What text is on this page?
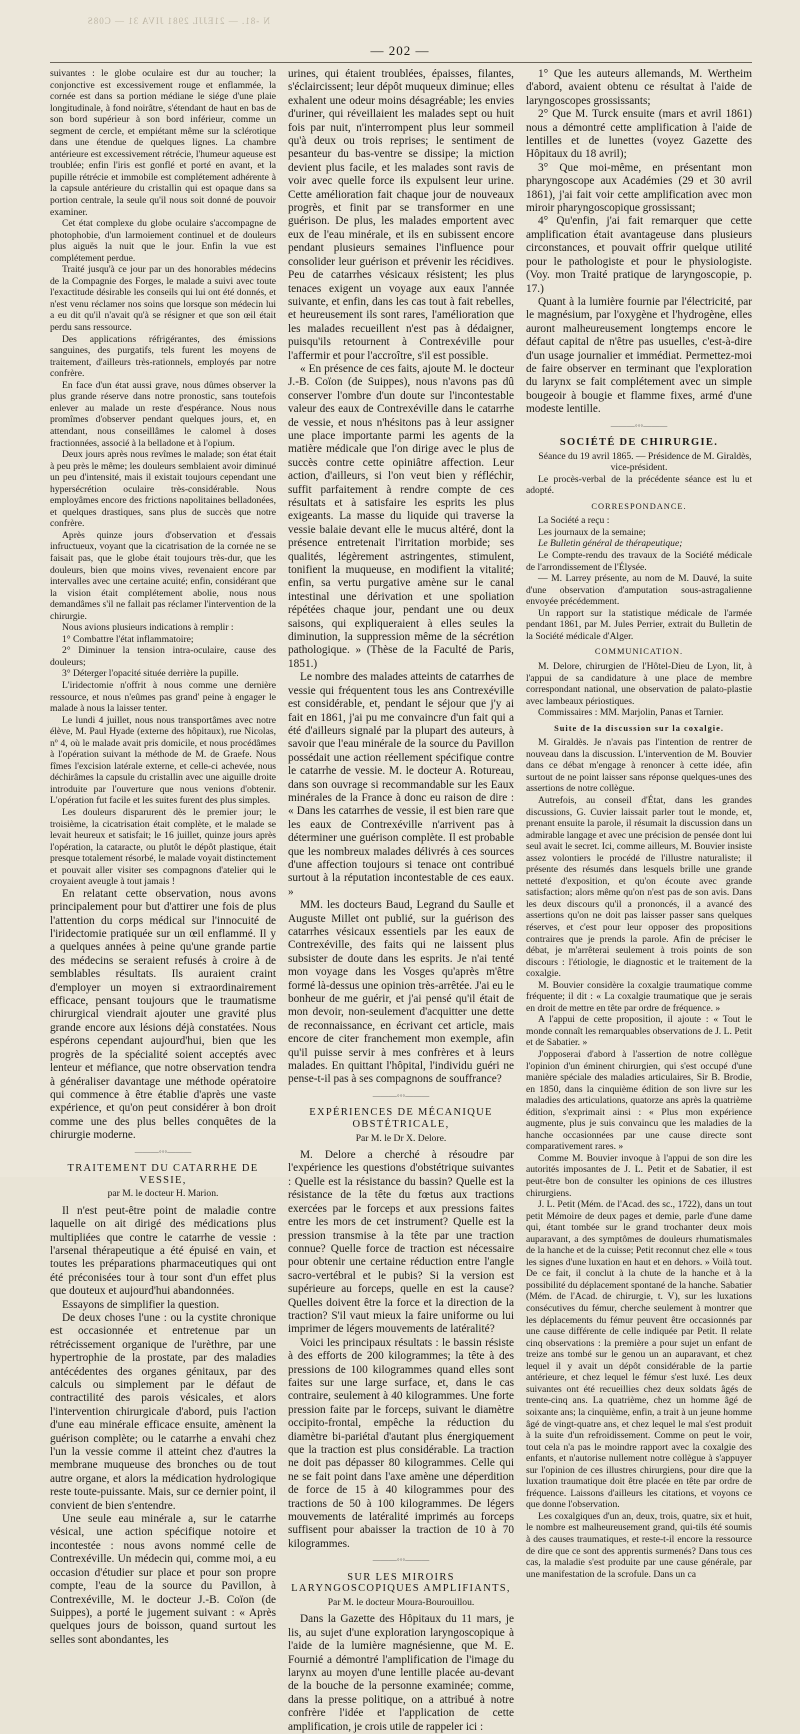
N -81. — 21EJJL 2981 JIVA 31 — C08S
— 202 —

suivantes : le globe oculaire est dur au toucher; la conjonctive est excessivement rouge et enflammée, la cornée est dans sa portion médiane le siége d'une plaie longitudinale, à fond noirâtre, s'étendant de haut en bas de son bord supérieur à son bord inférieur, comme un segment de cercle, et empiétant même sur la sclérotique dans une étendue de quelques lignes. La chambre antérieure est excessivement rétrécie, l'humeur aqueuse est troublée; enfin l'iris est gonflé et porté en avant, et la pupille rétrécie et immobile est complétement adhérente à la capsule antérieure du cristallin qui est opaque dans sa portion centrale, la seule qu'il nous soit donné de pouvoir examiner.

Cet état complexe du globe oculaire s'accompagne de photophobie, d'un larmoiement continuel et de douleurs plus aiguës la nuit que le jour. Enfin la vue est complétement perdue.

Traité jusqu'à ce jour par un des honorables médecins de la Compagnie des Forges, le malade a suivi avec toute l'exactitude désirable les conseils qui lui ont été donnés, et n'est venu réclamer nos soins que lorsque son médecin lui a eu dit qu'il n'avait qu'à se résigner et que son œil était perdu sans ressource.

Des applications réfrigérantes, des émissions sanguines, des purgatifs, tels furent les moyens de traitement, d'ailleurs très-rationnels, employés par notre confrère.

En face d'un état aussi grave, nous dûmes observer la plus grande réserve dans notre pronostic, sans toutefois enlever au malade un reste d'espérance. Nous nous promîmes d'observer pendant quelques jours, et, en attendant, nous conseillâmes le calomel à doses fractionnées, associé à la belladone et à l'opium.

Deux jours après nous revîmes le malade; son état était à peu près le même; les douleurs semblaient avoir diminué un peu d'intensité, mais il existait toujours cependant une hypersécrétion oculaire très-considérable. Nous employâmes encore des frictions napolitaines belladonées, et quelques drastiques, sans plus de succès que notre confrère.

Après quinze jours d'observation et d'essais infructueux, voyant que la cicatrisation de la cornée ne se faisait pas, que le globe était toujours très-dur, que les douleurs, bien que moins vives, revenaient encore par intervalles avec une certaine acuité; enfin, considérant que la vision était complétement abolie, nous nous demandâmes s'il ne fallait pas réclamer l'intervention de la chirurgie.

Nous avions plusieurs indications à remplir :

1° Combattre l'état inflammatoire;

2° Diminuer la tension intra-oculaire, cause des douleurs;

3° Déterger l'opacité située derrière la pupille.

L'iridectomie n'offrit à nous comme une dernière ressource, et nous n'eûmes pas grand' peine à engager le malade à nous la laisser tenter.

Le lundi 4 juillet, nous nous transportâmes avec notre élève, M. Paul Hyade (externe des hôpitaux), rue Nicolas, nº 4, où le malade avait pris domicile, et nous procédâmes à l'opération suivant la méthode de M. de Graefe. Nous fîmes l'excision latérale externe, et celle-ci achevée, nous déchirâmes la capsule du cristallin avec une aiguille droite introduite par l'ouverture que nous venions d'obtenir. L'opération fut facile et les suites furent des plus simples.

Les douleurs disparurent dès le premier jour; le troisième, la cicatrisation était complète, et le malade se levait heureux et satisfait; le 16 juillet, quinze jours après l'opération, la cataracte, ou plutôt le dépôt plastique, était presque totalement résorbé, le malade voyait distinctement et pouvait aller visiter ses compagnons d'atelier qui le croyaient aveugle à tout jamais !

En relatant cette observation, nous avons principalement pour but d'attirer une fois de plus l'attention du corps médical sur l'innocuité de l'iridectomie pratiquée sur un œil enflammé. Il y a quelques années à peine qu'une grande partie des médecins se seraient refusés à croire à de semblables résultats. Ils auraient craint d'employer un moyen si extraordinairement efficace, pensant toujours que le traumatisme chirurgical viendrait ajouter une gravité plus grande encore aux lésions déjà constatées. Nous espérons cependant aujourd'hui, bien que les progrès de la spécialité soient acceptés avec lenteur et méfiance, que notre observation tendra à généraliser davantage une méthode opératoire qui commence à être établie d'après une vaste expérience, et qu'on peut considérer à bon droit comme une des plus belles conquêtes de la chirurgie moderne.

———◦◦◦———
TRAITEMENT DU CATARRHE DE VESSIE,
par M. le docteur H. Marion.

Il n'est peut-être point de maladie contre laquelle on ait dirigé des médications plus multipliées que contre le catarrhe de vessie : l'arsenal thérapeutique a été épuisé en vain, et toutes les préparations pharmaceutiques qui ont été préconisées tour à tour sont d'un effet plus que douteux et aujourd'hui abandonnées.

Essayons de simplifier la question.

De deux choses l'une : ou la cystite chronique est occasionnée et entretenue par un rétrécissement organique de l'urèthre, par une hypertrophie de la prostate, par des maladies antécédentes des organes génitaux, par des calculs ou simplement par le défaut de contractilité des parois vésicales, et alors l'intervention chirurgicale d'abord, puis l'action d'une eau minérale efficace ensuite, amènent la guérison complète; ou le catarrhe a envahi chez l'un la vessie comme il atteint chez d'autres la membrane muqueuse des bronches ou de tout autre organe, et alors la médication hydrologique reste toute-puissante. Mais, sur ce dernier point, il convient de bien s'entendre.

Une seule eau minérale a, sur le catarrhe vésical, une action spécifique notoire et incontestée : nous avons nommé celle de Contrexéville. Un médecin qui, comme moi, a eu occasion d'étudier sur place et pour son propre compte, l'eau de la source du Pavillon, à Contrexéville, M. le docteur J.-B. Coïon (de Suippes), a porté le jugement suivant : « Après quelques jours de boisson, quand surtout les selles sont abondantes, les

urines, qui étaient troublées, épaisses, filantes, s'éclaircissent; leur dépôt muqueux diminue; elles exhalent une odeur moins désagréable; les envies d'uriner, qui réveillaient les malades sept ou huit fois par nuit, n'interrompent plus leur sommeil qu'à deux ou trois reprises; le sentiment de pesanteur du bas-ventre se dissipe; la miction devient plus facile, et les malades sont ravis de voir avec quelle force ils expulsent leur urine. Cette amélioration fait chaque jour de nouveaux progrès, et finit par se transformer en une guérison. De plus, les malades emportent avec eux de l'eau minérale, et ils en subissent encore pendant plusieurs semaines l'influence pour consolider leur guérison et prévenir les récidives. Peu de catarrhes vésicaux résistent; les plus tenaces exigent un voyage aux eaux l'année suivante, et enfin, dans les cas tout à fait rebelles, et heureusement ils sont rares, l'amélioration que les malades recueillent n'est pas à dédaigner, puisqu'ils retournent à Contrexéville pour l'affermir et pour l'accroître, s'il est possible.

« En présence de ces faits, ajoute M. le docteur J.-B. Coïon (de Suippes), nous n'avons pas dû conserver l'ombre d'un doute sur l'incontestable valeur des eaux de Contrexéville dans le catarrhe de vessie, et nous n'hésitons pas à leur assigner une place importante parmi les agents de la matière médicale que l'on dirige avec le plus de succès contre cette opiniâtre affection. Leur action, d'ailleurs, si l'on veut bien y réfléchir, suffit parfaitement à rendre compte de ces résultats et à satisfaire les esprits les plus exigeants. La masse du liquide qui traverse la vessie balaie devant elle le mucus altéré, dont la présence entretenait l'irritation morbide; ses qualités, légèrement astringentes, stimulent, tonifient la muqueuse, en modifient la vitalité; enfin, sa vertu purgative amène sur le canal intestinal une dérivation et une spoliation répétées chaque jour, pendant une ou deux saisons, qui expliqueraient à elles seules la diminution, la suppression même de la sécrétion pathologique. » (Thèse de la Faculté de Paris, 1851.)

Le nombre des malades atteints de catarrhes de vessie qui fréquentent tous les ans Contrexéville est considérable, et, pendant le séjour que j'y ai fait en 1861, j'ai pu me convaincre d'un fait qui a été d'ailleurs signalé par la plupart des auteurs, à savoir que l'eau minérale de la source du Pavillon possédait une action réellement spécifique contre le catarrhe de vessie. M. le docteur A. Rotureau, dans son ouvrage si recommandable sur les Eaux minérales de la France à donc eu raison de dire : « Dans les catarrhes de vessie, il est bien rare que les eaux de Contrexéville n'arrivent pas à déterminer une guérison complète. Il est probable que les nombreux malades délivrés à ces sources d'une affection toujours si tenace ont contribué surtout à la réputation incontestable de ces eaux. »

MM. les docteurs Baud, Legrand du Saulle et Auguste Millet ont publié, sur la guérison des catarrhes vésicaux essentiels par les eaux de Contrexéville, des faits qui ne laissent plus subsister de doute dans les esprits. Je n'ai tenté mon voyage dans les Vosges qu'après m'être formé là-dessus une opinion très-arrêtée. J'ai eu le bonheur de me guérir, et j'ai pensé qu'il était de mon devoir, non-seulement d'acquitter une dette de reconnaissance, en écrivant cet article, mais encore de citer franchement mon exemple, afin qu'il puisse servir à mes confrères et à leurs malades. En quittant l'hôpital, l'individu guéri ne pense-t-il pas à ses compagnons de souffrance?

———◦◦◦———
EXPÉRIENCES DE MÉCANIQUE OBSTÉTRICALE,
Par M. le Dr X. Delore.

M. Delore a cherché à résoudre par l'expérience les questions d'obstétrique suivantes : Quelle est la résistance du bassin? Quelle est la résistance de la tête du fœtus aux tractions exercées par le forceps et aux pressions faites entre les mors de cet instrument? Quelle est la pression transmise à la tête par une traction connue? Quelle force de traction est nécessaire pour obtenir une certaine réduction entre l'angle sacro-vertébral et le pubis? Si la version est supérieure au forceps, quelle en est la cause? Quelles doivent être la force et la direction de la traction? S'il vaut mieux la faire uniforme ou lui imprimer de légers mouvements de latéralité?

Voici les principaux résultats : le bassin résiste à des efforts de 200 kilogrammes; la tête à des pressions de 100 kilogrammes quand elles sont faites sur une large surface, et, dans le cas contraire, seulement à 40 kilogrammes. Une forte pression faite par le forceps, suivant le diamètre occipito-frontal, empêche la réduction du diamètre bi-pariétal d'autant plus énergiquement que la traction est plus considérable. La traction ne doit pas dépasser 80 kilogrammes. Celle qui ne se fait point dans l'axe amène une déperdition de force de 15 à 40 kilogrammes pour des tractions de 50 à 100 kilogrammes. De légers mouvements de latéralité imprimés au forceps suffisent pour abaisser la traction de 10 à 70 kilogrammes.

———◦◦◦———
SUR LES MIROIRS LARYNGOSCOPIQUES AMPLIFIANTS,
Par M. le docteur Moura-Bourouillou.

Dans la Gazette des Hôpitaux du 11 mars, je lis, au sujet d'une exploration laryngoscopique à l'aide de la lumière magnésienne, que M. E. Fournié a démontré l'amplification de l'image du larynx au moyen d'une lentille placée au-devant de la bouche de la personne examinée; comme, dans la presse politique, on a attribué à notre confrère l'idée et l'application de cette amplification, je crois utile de rappeler ici :

1° Que les auteurs allemands, M. Wertheim d'abord, avaient obtenu ce résultat à l'aide de laryngoscopes grossissants;

2° Que M. Turck ensuite (mars et avril 1861) nous a démontré cette amplification à l'aide de lentilles et de lunettes (voyez Gazette des Hôpitaux du 18 avril);

3° Que moi-même, en présentant mon pharyngoscope aux Académies (29 et 30 avril 1861), j'ai fait voir cette amplification avec mon miroir pharyngoscopique grossissant;

4° Qu'enfin, j'ai fait remarquer que cette amplification était avantageuse dans plusieurs circonstances, et pouvait offrir quelque utilité pour le pathologiste et pour le physiologiste. (Voy. mon Traité pratique de laryngoscopie, p. 17.)

Quant à la lumière fournie par l'électricité, par le magnésium, par l'oxygène et l'hydrogène, elles auront malheureusement longtemps encore le défaut capital de n'être pas usuelles, c'est-à-dire d'un usage journalier et immédiat. Permettez-moi de faire observer en terminant que l'exploration du larynx se fait complétement avec un simple bougeoir à bougie et flamme fixes, armé d'une modeste lentille.

———◦◦◦———
SOCIÉTÉ DE CHIRURGIE.

Séance du 19 avril 1865. — Présidence de M. Giraldès, vice-président.

Le procès-verbal de la précédente séance est lu et adopté.

CORRESPONDANCE.

La Société a reçu :

Les journaux de la semaine;

Le Bulletin général de thérapeutique;

Le Compte-rendu des travaux de la Société médicale de l'arrondissement de l'Élysée.

— M. Larrey présente, au nom de M. Dauvé, la suite d'une observation d'amputation sous-astragalienne envoyée précédemment.

Un rapport sur la statistique médicale de l'armée pendant 1861, par M. Jules Perrier, extrait du Bulletin de la Société médicale d'Alger.

COMMUNICATION.

M. Delore, chirurgien de l'Hôtel-Dieu de Lyon, lit, à l'appui de sa candidature à une place de membre correspondant national, une observation de palato-plastie avec lambeaux périostiques.

Commissaires : MM. Marjolin, Panas et Tarnier.

Suite de la discussion sur la coxalgie.

M. Giraldès. Je n'avais pas l'intention de rentrer de nouveau dans la discussion. L'intervention de M. Bouvier dans ce débat m'engage à renoncer à cette idée, afin surtout de ne point laisser sans réponse quelques-unes des assertions de notre collègue.

Autrefois, au conseil d'État, dans les grandes discussions, G. Cuvier laissait parler tout le monde, et, prenant ensuite la parole, il résumait la discussion dans un admirable langage et avec une précision de pensée dont lui seul avait le secret. Ici, comme ailleurs, M. Bouvier insiste assez volontiers le procédé de l'illustre naturaliste; il présente des résumés dans lesquels brille une grande netteté d'exposition, et qu'on écoute avec grande satisfaction; alors même qu'on n'est pas de son avis. Dans les deux discours qu'il a prononcés, il a avancé des assertions qu'on ne doit pas laisser passer sans quelques réserves, et c'est pour leur opposer des propositions contraires que je prends la parole. Afin de préciser le débat, je m'arrêterai seulement à trois points de son discours : l'étiologie, le diagnostic et le traitement de la coxalgie.

M. Bouvier considère la coxalgie traumatique comme fréquente; il dit : « La coxalgie traumatique que je serais en droit de mettre en tête par ordre de fréquence. »

A l'appui de cette proposition, il ajoute : « Tout le monde connaît les remarquables observations de J. L. Petit et de Sabatier. »

J'opposerai d'abord à l'assertion de notre collègue l'opinion d'un éminent chirurgien, qui s'est occupé d'une manière spéciale des maladies articulaires, Sir B. Brodie, en 1850, dans la cinquième édition de son livre sur les maladies des articulations, quatorze ans après la quatrième édition, s'exprimait ainsi : « Plus mon expérience augmente, plus je suis convaincu que les maladies de la hanche occasionnées par une cause directe sont comparativement rares. »

Comme M. Bouvier invoque à l'appui de son dire les autorités imposantes de J. L. Petit et de Sabatier, il est peut-être bon de consulter les opinions de ces illustres chirurgiens.

J. L. Petit (Mém. de l'Acad. des sc., 1722), dans un tout petit Mémoire de deux pages et demie, parle d'une dame qui, étant tombée sur le grand trochanter deux mois auparavant, a des symptômes de douleurs rhumatismales de la hanche et de la cuisse; Petit reconnut chez elle « tous les signes d'une luxation en haut et en dehors. » Voilà tout. De ce fait, il conclut à la chute de la hanche et à la possibilité du déplacement spontané de la hanche. Sabatier (Mém. de l'Acad. de chirurgie, t. V), sur les luxations consécutives du fémur, cherche seulement à montrer que les déplacements du fémur peuvent être occasionnés par une cause différente de celle indiquée par Petit. Il relate cinq observations : la première a pour sujet un enfant de treize ans tombé sur le genou un an auparavant, et chez lequel il y avait un dépôt considérable de la partie antérieure, et chez lequel le fémur s'est luxé. Les deux suivantes ont été recueillies chez deux soldats âgés de trente-cinq ans. La quatrième, chez un homme âgé de soixante ans; la cinquième, enfin, a trait à un jeune homme âgé de vingt-quatre ans, et chez lequel le mal s'est produit à la suite d'un refroidissement. Comme on peut le voir, tout cela n'a pas le moindre rapport avec la coxalgie des enfants, et n'autorise nullement notre collègue à s'appuyer sur l'opinion de ces illustres chirurgiens, pour dire que la luxation traumatique doit être placée en tête par ordre de fréquence. Laissons d'ailleurs les citations, et voyons ce que donne l'observation.

Les coxalgiques d'un an, deux, trois, quatre, six et huit, le nombre est malheureusement grand, qui-tils été soumis à des causes traumatiques, et reste-t-il encore la ressource de dire que ce sont des apprentis surmenés? Dans tous ces cas, la maladie s'est produite par une cause générale, par une manifestation de la scrofule. Dans un ca
